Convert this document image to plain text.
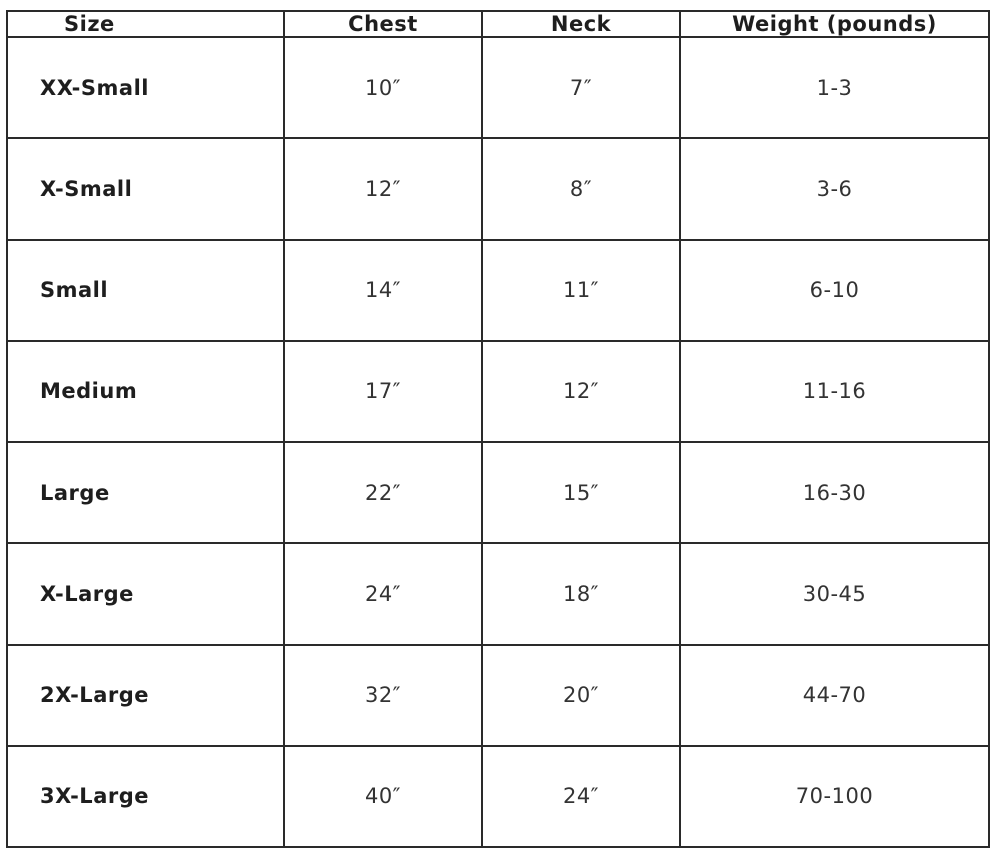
Size	Chest	Neck	Weight (pounds)
XX-Small	10″	7″	1-3
X-Small	12″	8″	3-6
Small	14″	11″	6-10
Medium	17″	12″	11-16
Large	22″	15″	16-30
X-Large	24″	18″	30-45
2X-Large	32″	20″	44-70
3X-Large	40″	24″	70-100
